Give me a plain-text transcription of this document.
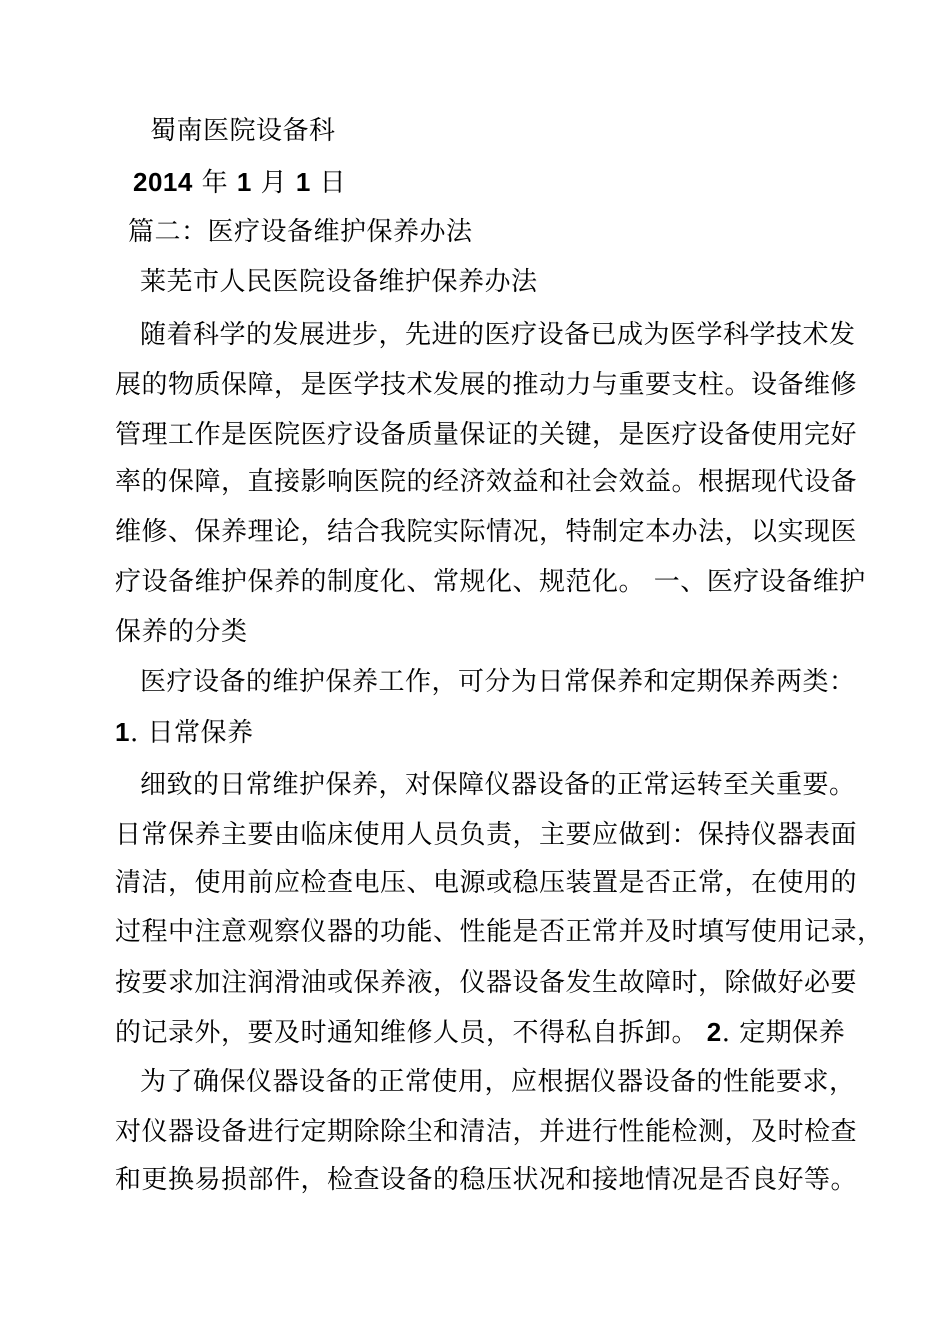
蜀南医院设备科
2014 年 1 月 1 日
篇二：医疗设备维护保养办法
莱芜市人民医院设备维护保养办法
随着科学的发展进步，先进的医疗设备已成为医学科学技术发
展的物质保障，是医学技术发展的推动力与重要支柱。设备维修
管理工作是医院医疗设备质量保证的关键，是医疗设备使用完好
率的保障，直接影响医院的经济效益和社会效益。根据现代设备
维修、保养理论，结合我院实际情况，特制定本办法，以实现医
疗设备维护保养的制度化、常规化、规范化。 一、医疗设备维护
保养的分类
医疗设备的维护保养工作，可分为日常保养和定期保养两类：
1. 日常保养
细致的日常维护保养，对保障仪器设备的正常运转至关重要。
日常保养主要由临床使用人员负责，主要应做到：保持仪器表面
清洁，使用前应检查电压、电源或稳压装置是否正常，在使用的
过程中注意观察仪器的功能、性能是否正常并及时填写使用记录，
按要求加注润滑油或保养液，仪器设备发生故障时，除做好必要
的记录外，要及时通知维修人员，不得私自拆卸。 2. 定期保养
为了确保仪器设备的正常使用，应根据仪器设备的性能要求，
对仪器设备进行定期除除尘和清洁，并进行性能检测，及时检查
和更换易损部件，检查设备的稳压状况和接地情况是否良好等。
